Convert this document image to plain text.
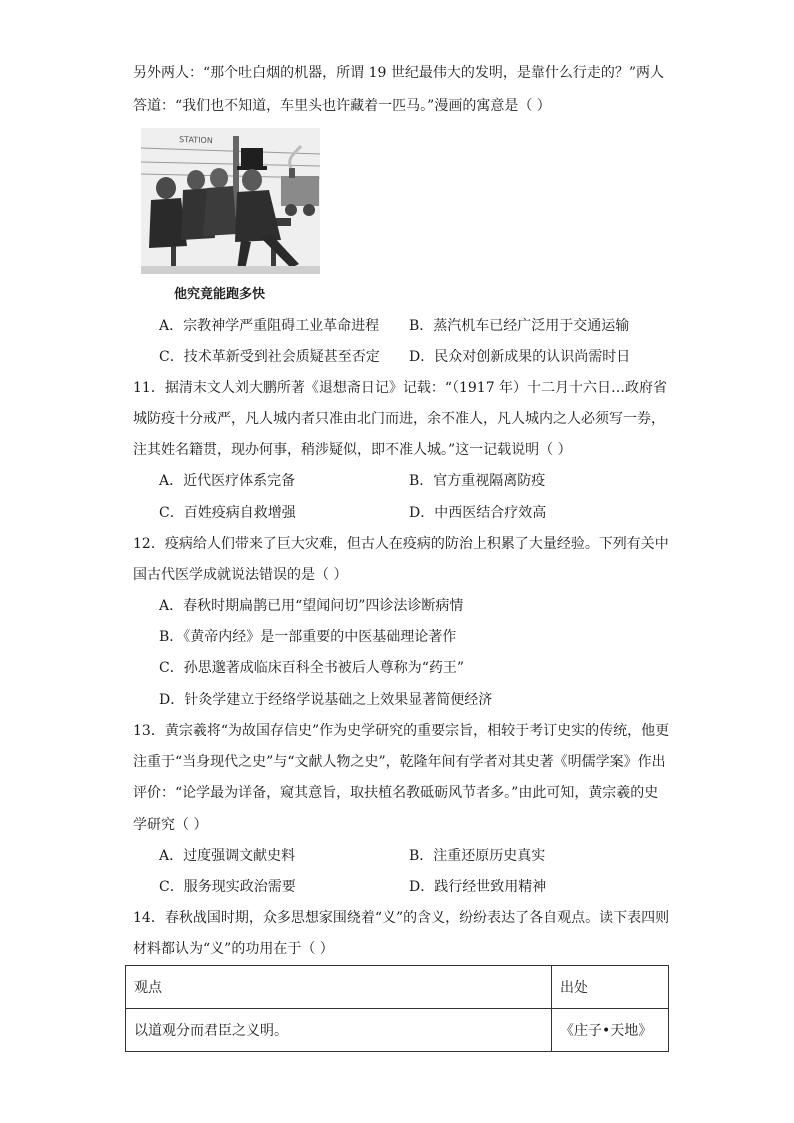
另外两人：“那个吐白烟的机器，所谓 19 世纪最伟大的发明，是靠什么行走的？”两人
答道：“我们也不知道，车里头也许藏着一匹马。”漫画的寓意是（ ）
STATION
他究竟能跑多快
A．宗教神学严重阻碍工业革命进程 B．蒸汽机车已经广泛用于交通运输
C．技术革新受到社会质疑甚至否定 D．民众对创新成果的认识尚需时日
11．据清末文人刘大鹏所著《退想斋日记》记载：“（1917 年）十二月十六日…政府省
城防疫十分戒严，凡人城内者只准由北门而进，余不准人，凡人城内之人必须写一券，
注其姓名籍贯，现办何事，稍涉疑似，即不准人城。”这一记载说明（ ）
A．近代医疗体系完备	B．官方重视隔离防疫
C．百姓疫病自救增强	D．中西医结合疗效高
12．疫病给人们带来了巨大灾难，但古人在疫病的防治上积累了大量经验。下列有关中
国古代医学成就说法错误的是（ ）
A．春秋时期扁鹊已用“望闻问切”四诊法诊断病情
B．《黄帝内经》是一部重要的中医基础理论著作
C．孙思邈著成临床百科全书被后人尊称为“药王”
D．针灸学建立于经络学说基础之上效果显著简便经济
13．黄宗羲将“为故国存信史”作为史学研究的重要宗旨，相较于考订史实的传统，他更
注重于“当身现代之史”与“文献人物之史”，乾隆年间有学者对其史著《明儒学案》作出
评价：“论学最为详备，窥其意旨，取扶植名教砥砺风节者多。”由此可知，黄宗羲的史
学研究（ ）
A．过度强调文献史料	B．注重还原历史真实
C．服务现实政治需要	D．践行经世致用精神
14．春秋战国时期，众多思想家围绕着“义”的含义，纷纷表达了各自观点。读下表四则
材料都认为“义”的功用在于（ ）
观点	出处
以道观分而君臣之义明。	《庄子•天地》
